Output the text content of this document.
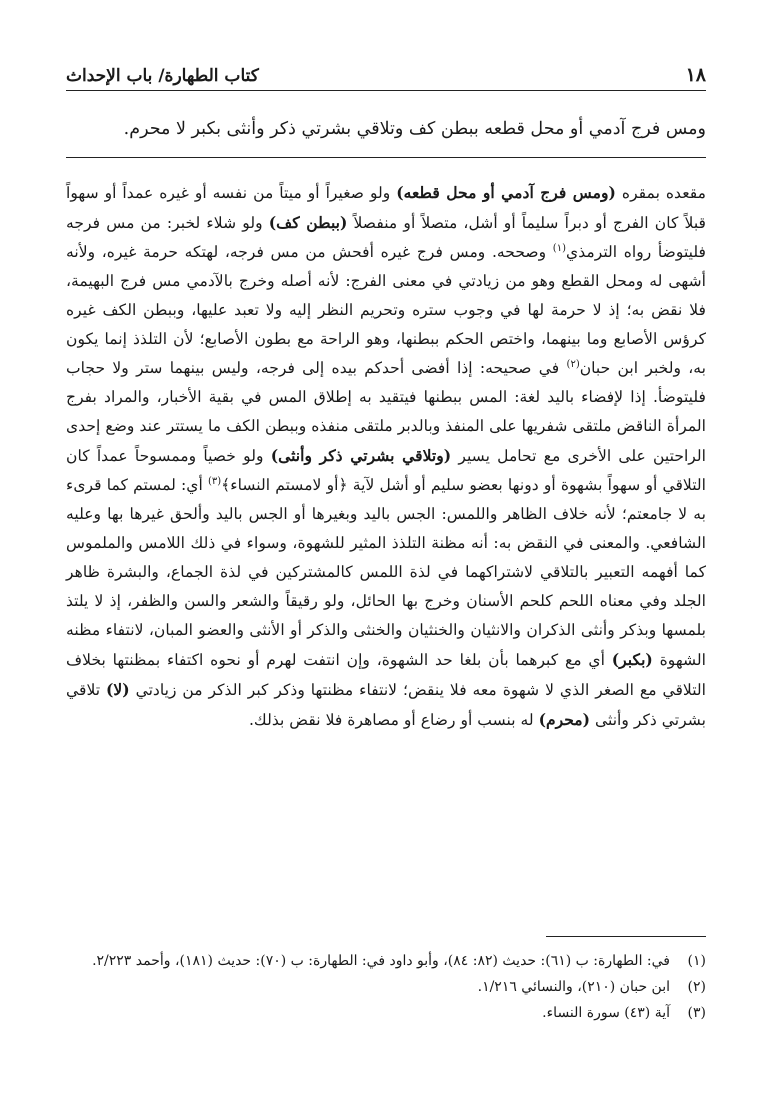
١٨
كتاب الطهارة/ باب الإحداث
ومس فرج آدمي أو محل قطعه ببطن كف وتلاقي بشرتي ذكر وأنثى بكبر لا محرم.

مقعده بمقره (ومس فرج آدمي أو محل قطعه) ولو صغيراً أو ميتاً من نفسه أو غيره عمداً أو سهواً قبلاً كان الفرج أو دبراً سليماً أو أشل، متصلاً أو منفصلاً (ببطن كف) ولو شلاء لخبر: من مس فرجه فليتوضأ رواه الترمذي$^{(١)}$ وصححه. ومس فرج غيره أفحش من مس فرجه، لهتكه حرمة غيره، ولأنه أشهى له ومحل القطع وهو من زيادتي في معنى الفرج: لأنه أصله وخرج بالآدمي مس فرج البهيمة، فلا نقض به؛ إذ لا حرمة لها في وجوب ستره وتحريم النظر إليه ولا تعبد عليها، وببطن الكف غيره كرؤس الأصابع وما بينهما، واختص الحكم ببطنها، وهو الراحة مع بطون الأصابع؛ لأن التلذذ إنما يكون به، ولخبر ابن حبان$^{(٢)}$ في صحيحه: إذا أفضى أحدكم بيده إلى فرجه، وليس بينهما ستر ولا حجاب فليتوضأ. إذا لإفضاء باليد لغة: المس ببطنها فيتقيد به إطلاق المس في بقية الأخبار، والمراد بفرج المرأة الناقض ملتقى شفريها على المنفذ وبالدبر ملتقى منفذه وببطن الكف ما يستتر عند وضع إحدى الراحتين على الأخرى مع تحامل يسير (وتلاقي بشرتي ذكر وأنثى) ولو خصياً وممسوحاً عمداً كان التلاقي أو سهواً بشهوة أو دونها بعضو سليم أو أشل لآية ﴿أو لامستم النساء﴾$^{(٣)}$ أي: لمستم كما قرىء به لا جامعتم؛ لأنه خلاف الظاهر واللمس: الجس باليد وبغيرها أو الجس باليد وألحق غيرها بها وعليه الشافعي. والمعنى في النقض به: أنه مظنة التلذذ المثير للشهوة، وسواء في ذلك اللامس والملموس كما أفهمه التعبير بالتلاقي لاشتراكهما في لذة اللمس كالمشتركين في لذة الجماع، والبشرة ظاهر الجلد وفي معناه اللحم كلحم الأسنان وخرج بها الحائل، ولو رقيقاً والشعر والسن والظفر، إذ لا يلتذ بلمسها وبذكر وأنثى الذكران والانثيان والخنثيان والخنثى والذكر أو الأنثى والعضو المبان، لانتفاء مظنه الشهوة (بكبر) أي مع كبرهما بأن بلغا حد الشهوة، وإن انتفت لهرم أو نحوه اكتفاء بمظنتها بخلاف التلاقي مع الصغر الذي لا شهوة معه فلا ينقض؛ لانتفاء مظنتها وذكر كبر الذكر من زيادتي (لا) تلاقي بشرتي ذكر وأنثى (محرم) له بنسب أو رضاع أو مصاهرة فلا نقض بذلك.

(١)
في: الطهارة: ب (٦١): حديث (٨٢: ٨٤)، وأبو داود في: الطهارة: ب (٧٠): حديث (١٨١)، وأحمد ٢/٢٢٣.
(٢)
ابن حبان (٢١٠)، والنسائي ١/٢١٦.
(٣)
آية (٤٣) سورة النساء.
